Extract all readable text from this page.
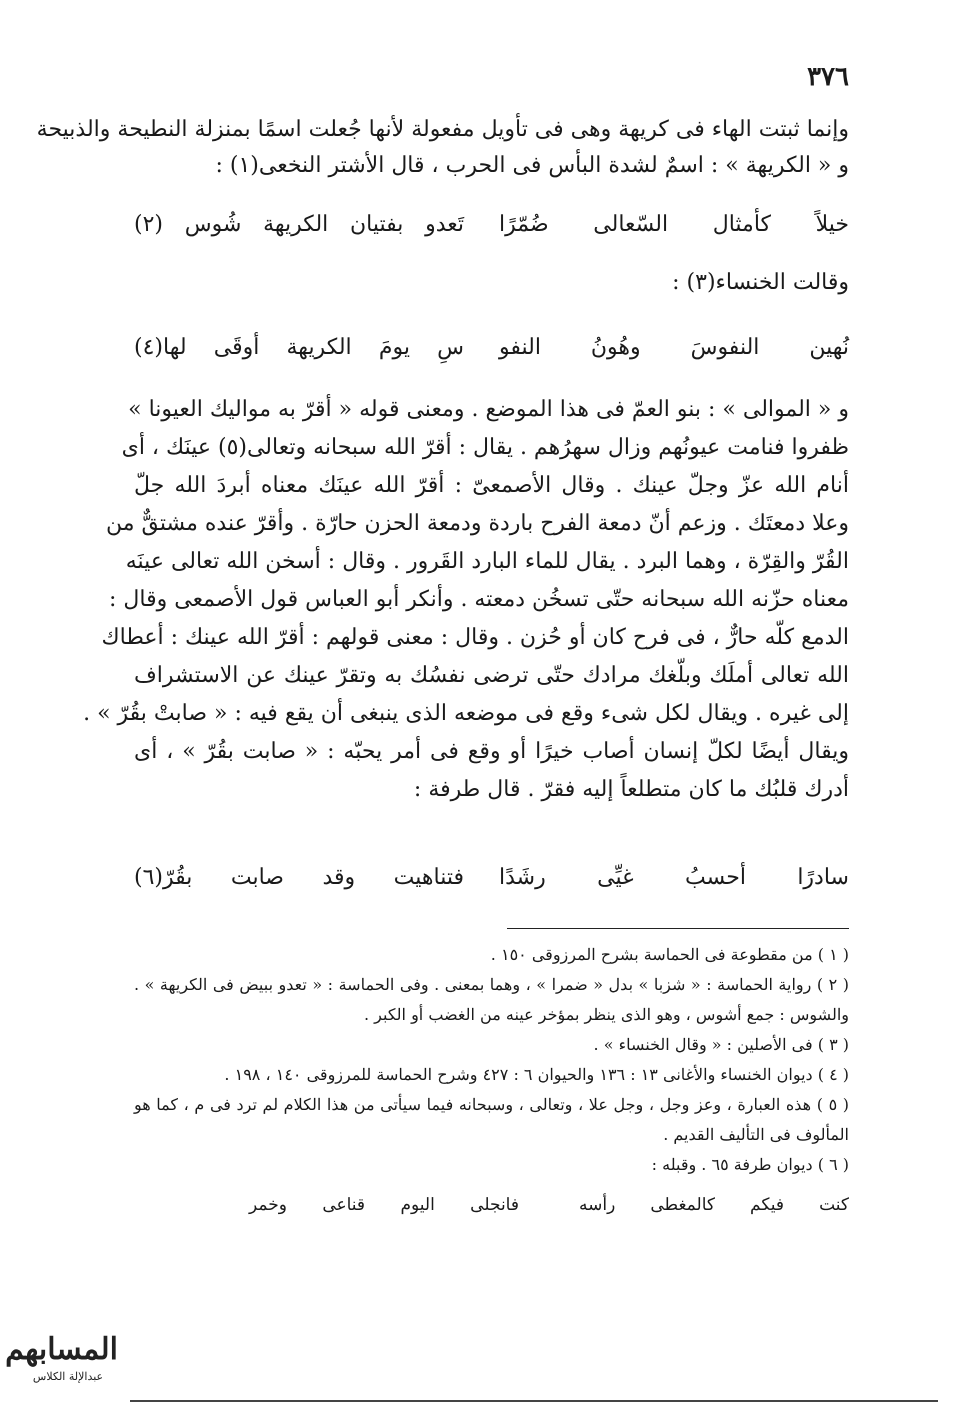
٣٧٦
وإنما ثبتت الهاء فى كريهة وهى فى تأويل مفعولة لأنها جُعلت اسمًا بمنزلة النطيحة والذبيحة
و « الكريهة » : اسمٌ لشدة البأس فى الحرب ، قال الأشتر النخعى(١) :
خيلاً كأمثال السّعالى ضُمّرًا
تَعدو بفتيان الكريهة شُوس (٢)
وقالت الخنساء(٣) :
نُهين النفوسَ وهُونُ النفو
سِ يومَ الكريهة أوقَى لها(٤)
و « الموالى » : بنو العمّ فى هذا الموضع . ومعنى قوله « أقرّ به مواليك العيونا »
ظفروا فنامت عيونُهم وزال سهرُهم . يقال : أقرّ الله سبحانه وتعالى(٥) عينَك ، أى
أنام الله عزّ وجلّ عينك . وقال الأصمعىّ : أقرّ الله عينَك معناه أبردَ الله جلّ
وعلا دمعتَك . وزعم أنّ دمعة الفرح باردة ودمعة الحزن حارّة . وأقرّ عنده مشتقٌّ من
القُرّ والقِرّة ، وهما البرد . يقال للماء البارد القَرور . وقال : أسخن الله تعالى عينَه
معناه حزّنه الله سبحانه حتّى تسخُن دمعته . وأنكر أبو العباس قول الأصمعى وقال :
الدمع كلّه حارٌّ ، فى فرح كان أو حُزن . وقال : معنى قولهم : أقرّ الله عينك : أعطاك
الله تعالى أملَك وبلّغك مرادك حتّى ترضى نفسُك به وتقرّ عينك عن الاستشراف
إلى غيره . ويقال لكل شىء وقع فى موضعه الذى ينبغى أن يقع فيه : « صابتْ بقُرّ » .
ويقال أيضًا لكلّ إنسان أصاب خيرًا أو وقع فى أمر يحبّه : « صابت بقُرّ » ، أى
أدرك قلبُك ما كان متطلعاً إليه فقرّ . قال طرفة :
سادرًا أحسبُ غيِّى رشَدًا
فتناهيت وقد صابت بقُرّ(٦)
( ١ ) من مقطوعة فى الحماسة بشرح المرزوقى ١٥٠ .
( ٢ ) رواية الحماسة : « شزبا » بدل « ضمرا » ، وهما بمعنى . وفى الحماسة : « تعدو ببيض فى الكريهة » .
والشوس : جمع أشوس ، وهو الذى ينظر بمؤخر عينه من الغضب أو الكبر .
( ٣ ) فى الأصلين : « وقال الخنساء » .
( ٤ ) ديوان الخنساء والأغانى ١٣ : ١٣٦ والحيوان ٦ : ٤٢٧ وشرح الحماسة للمرزوقى ١٤٠ ، ١٩٨ .
( ٥ ) هذه العبارة ، وعز وجل ، وجل علا ، وتعالى ، وسبحانه فيما سيأتى من هذا الكلام لم ترد فى م ، كما هو
المألوف فى التأليف القديم .
( ٦ ) ديوان طرفة ٦٥ . وقبله :
كنت فيكم كالمغطى رأسه
فانجلى اليوم قناعى وخمر
المسابهم
عبدالإلة الكلاس
